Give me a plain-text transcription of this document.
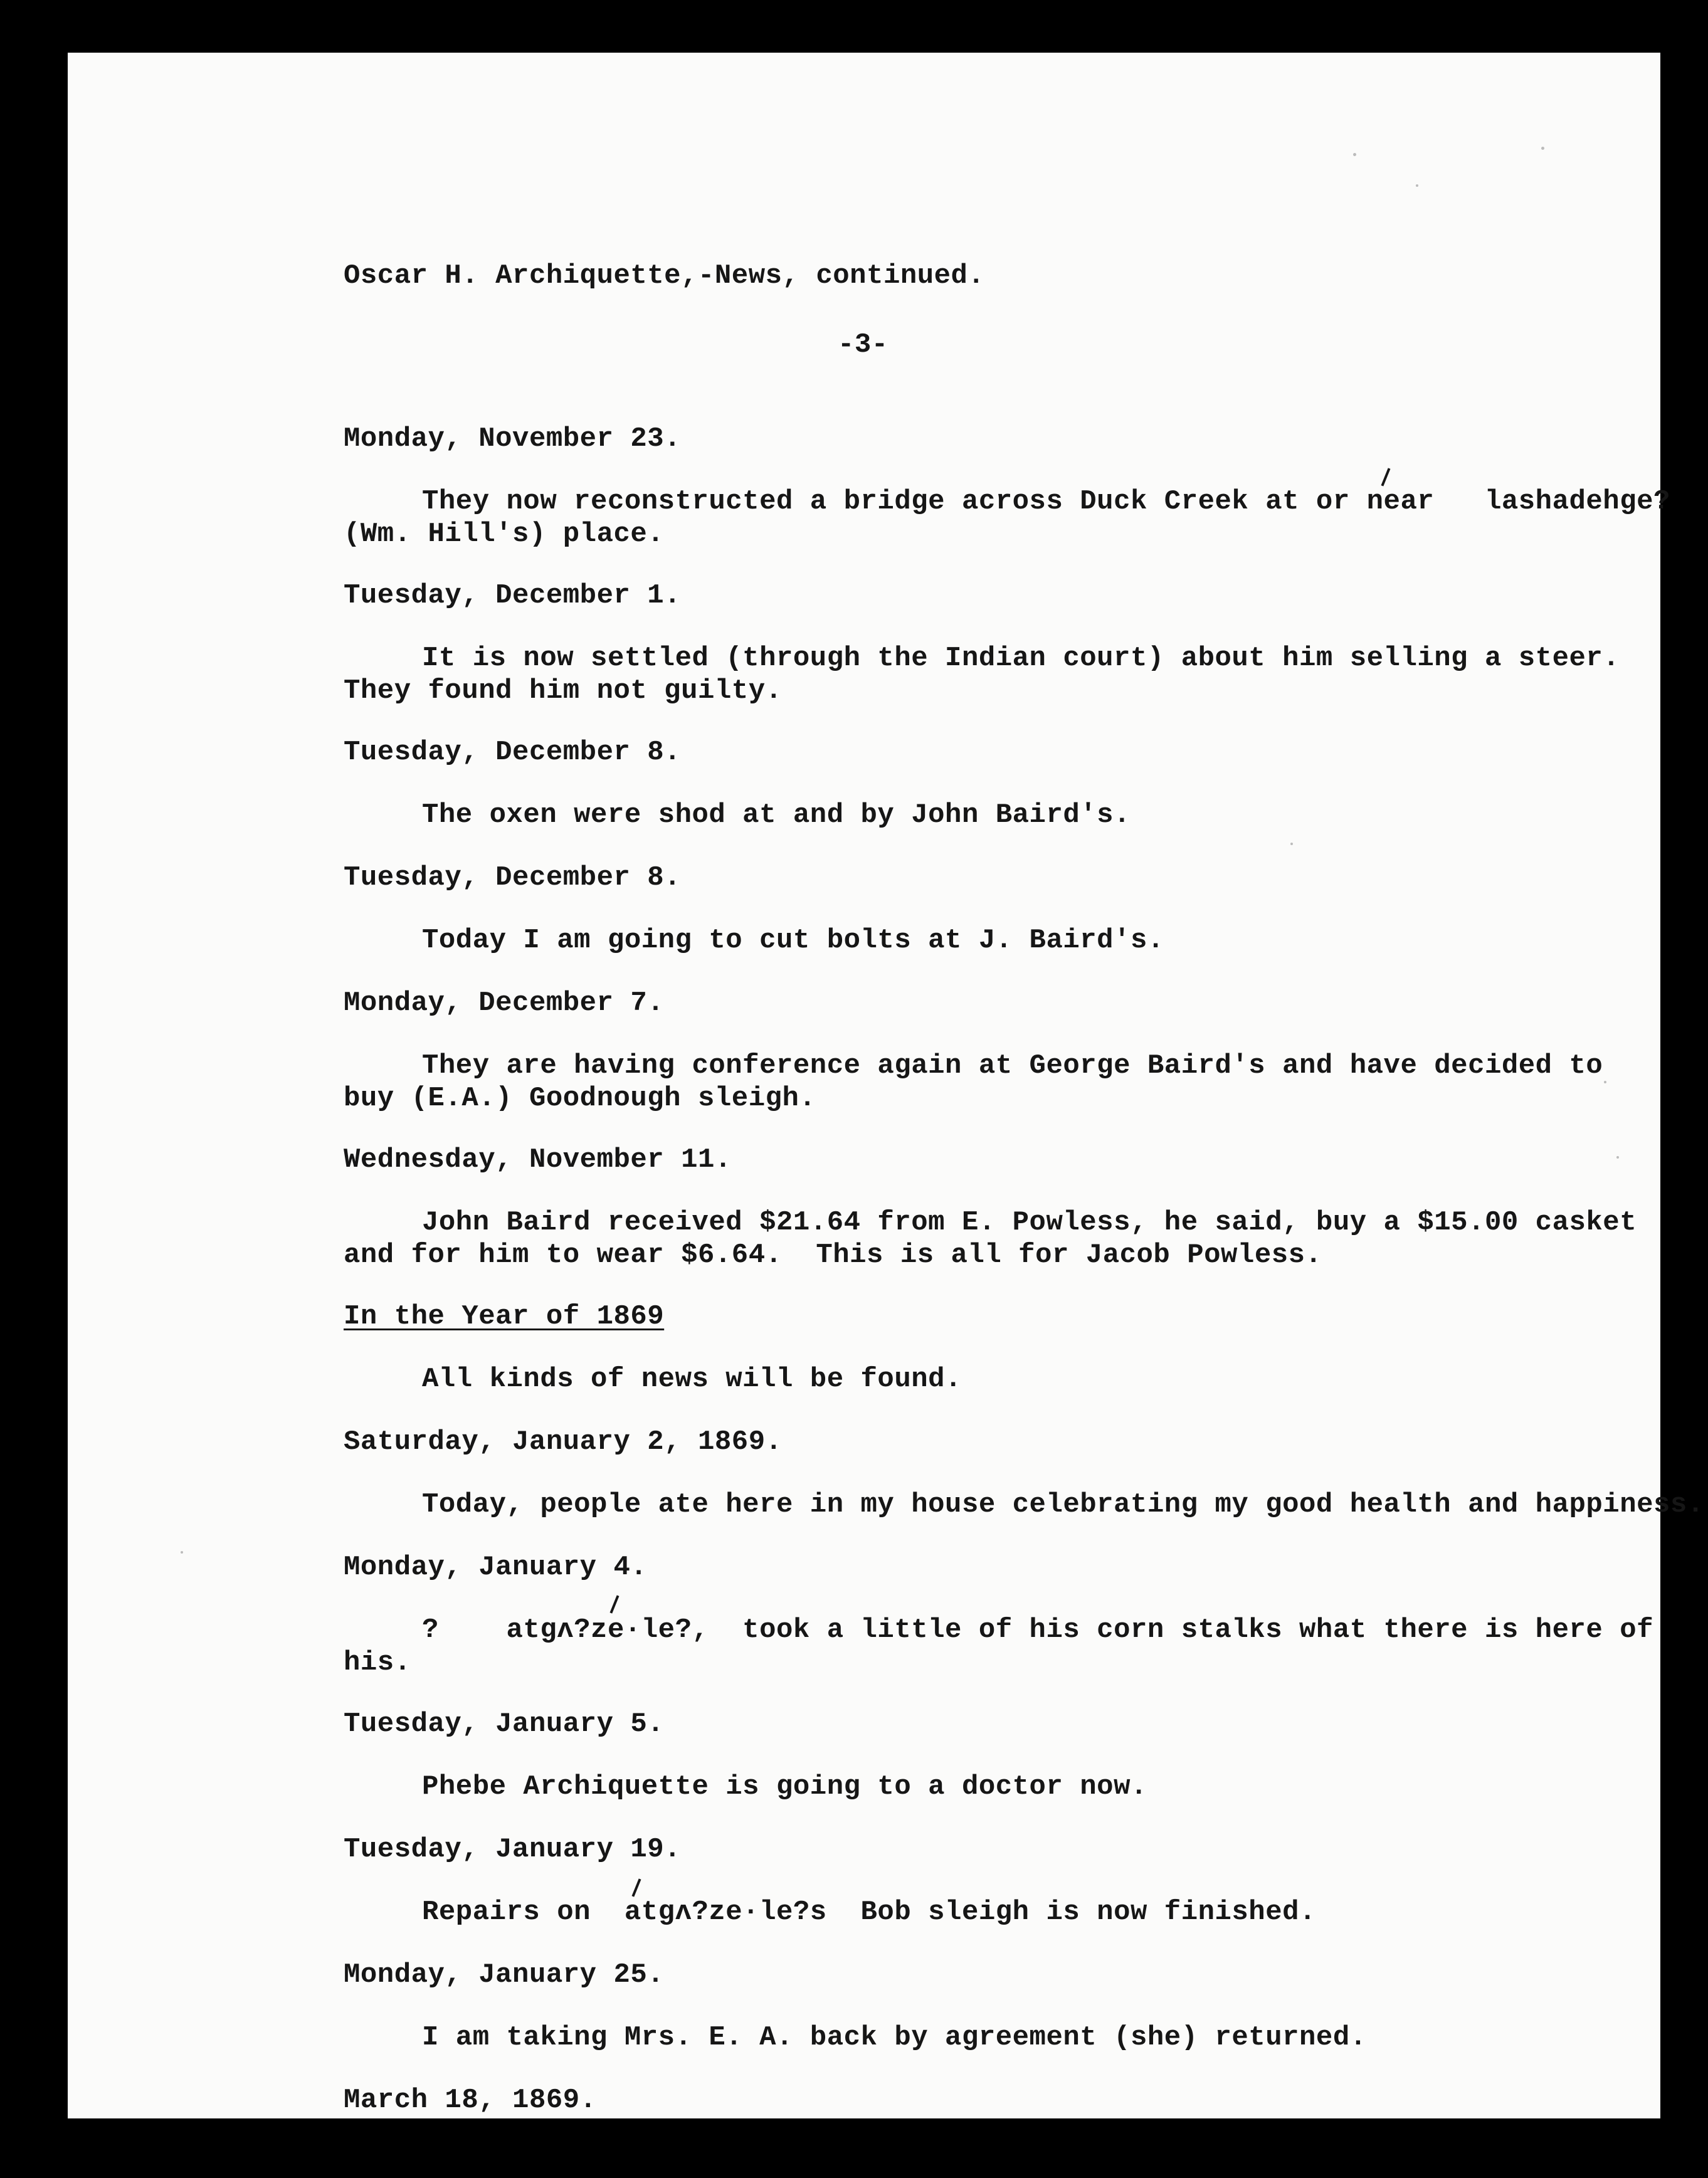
Oscar H. Archiquette,-News, continued.

-3-

Monday, November 23.

They now reconstructed a bridge across Duck Creek at or near   lashadehge?

(Wm. Hill's) place.

Tuesday, December 1.

It is now settled (through the Indian court) about him selling a steer.

They found him not guilty.

Tuesday, December 8.

The oxen were shod at and by John Baird's.

Tuesday, December 8.

Today I am going to cut bolts at J. Baird's.

Monday, December 7.

They are having conference again at George Baird's and have decided to

buy (E.A.) Goodnough sleigh.

Wednesday, November 11.

John Baird received $21.64 from E. Powless, he said, buy a $15.00 casket

and for him to wear $6.64.  This is all for Jacob Powless.

In the Year of 1869

All kinds of news will be found.

Saturday, January 2, 1869.

Today, people ate here in my house celebrating my good health and happiness.

Monday, January 4.

?    atgʌ?ze·le?,  took a little of his corn stalks what there is here of

his.

Tuesday, January 5.

Phebe Archiquette is going to a doctor now.

Tuesday, January 19.

Repairs on  atgʌ?ze·le?s  Bob sleigh is now finished.

Monday, January 25.

I am taking Mrs. E. A. back by agreement (she) returned.

March 18, 1869.
